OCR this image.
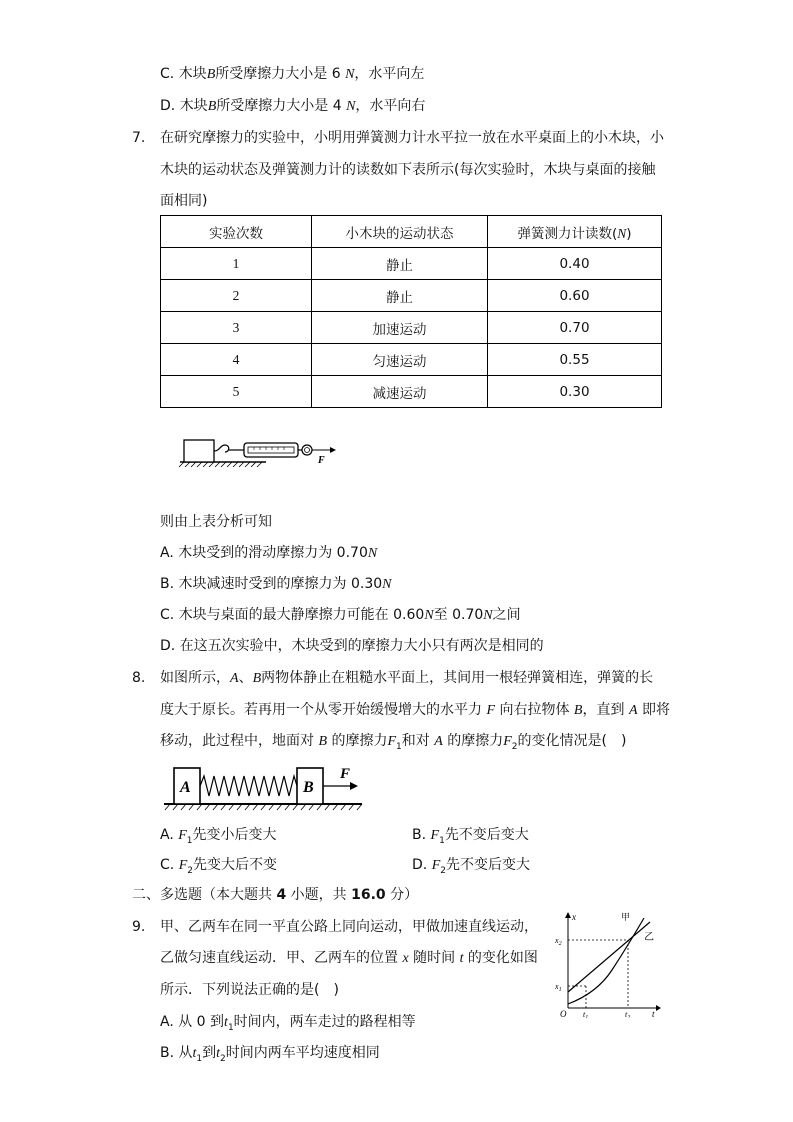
C. 木块B所受摩擦力大小是 6 N，水平向左
D. 木块B所受摩擦力大小是 4 N，水平向右
7. 在研究摩擦力的实验中，小明用弹簧测力计水平拉一放在水平桌面上的小木块，小
木块的运动状态及弹簧测力计的读数如下表所示(每次实验时，木块与桌面的接触
面相同)
实验次数	小木块的运动状态	弹簧测力计读数(N)
1	静止	0.40
2	静止	0.60
3	加速运动	0.70
4	匀速运动	0.55
5	减速运动	0.30
F
则由上表分析可知
A. 木块受到的滑动摩擦力为 0.70N
B. 木块减速时受到的摩擦力为 0.30N
C. 木块与桌面的最大静摩擦力可能在 0.60N至 0.70N之间
D. 在这五次实验中，木块受到的摩擦力大小只有两次是相同的
8. 如图所示，A、B两物体静止在粗糙水平面上，其间用一根轻弹簧相连，弹簧的长
度大于原长。若再用一个从零开始缓慢增大的水平力 F 向右拉物体 B，直到 A 即将
移动，此过程中，地面对 B 的摩擦力$F_1$和对 A 的摩擦力$F_2$的变化情况是(　)
A	B
F
A. $F_1$先变小后变大	B. $F_1$先不变后变大
C. $F_2$先变大后不变	D. $F_2$先不变后变大
二、多选题（本大题共 4 小题，共 16.0 分）
9. 甲、乙两车在同一平直公路上同向运动，甲做加速直线运动，
乙做匀速直线运动．甲、乙两车的位置 x 随时间 t 的变化如图
所示．下列说法正确的是(　)
A. 从 0 到$t_1$时间内，两车走过的路程相等
B. 从$t_1$到$t_2$时间内两车平均速度相同
x
t
O
$x_2$
$x_1$
$t_1$	$t_2$
甲
乙
